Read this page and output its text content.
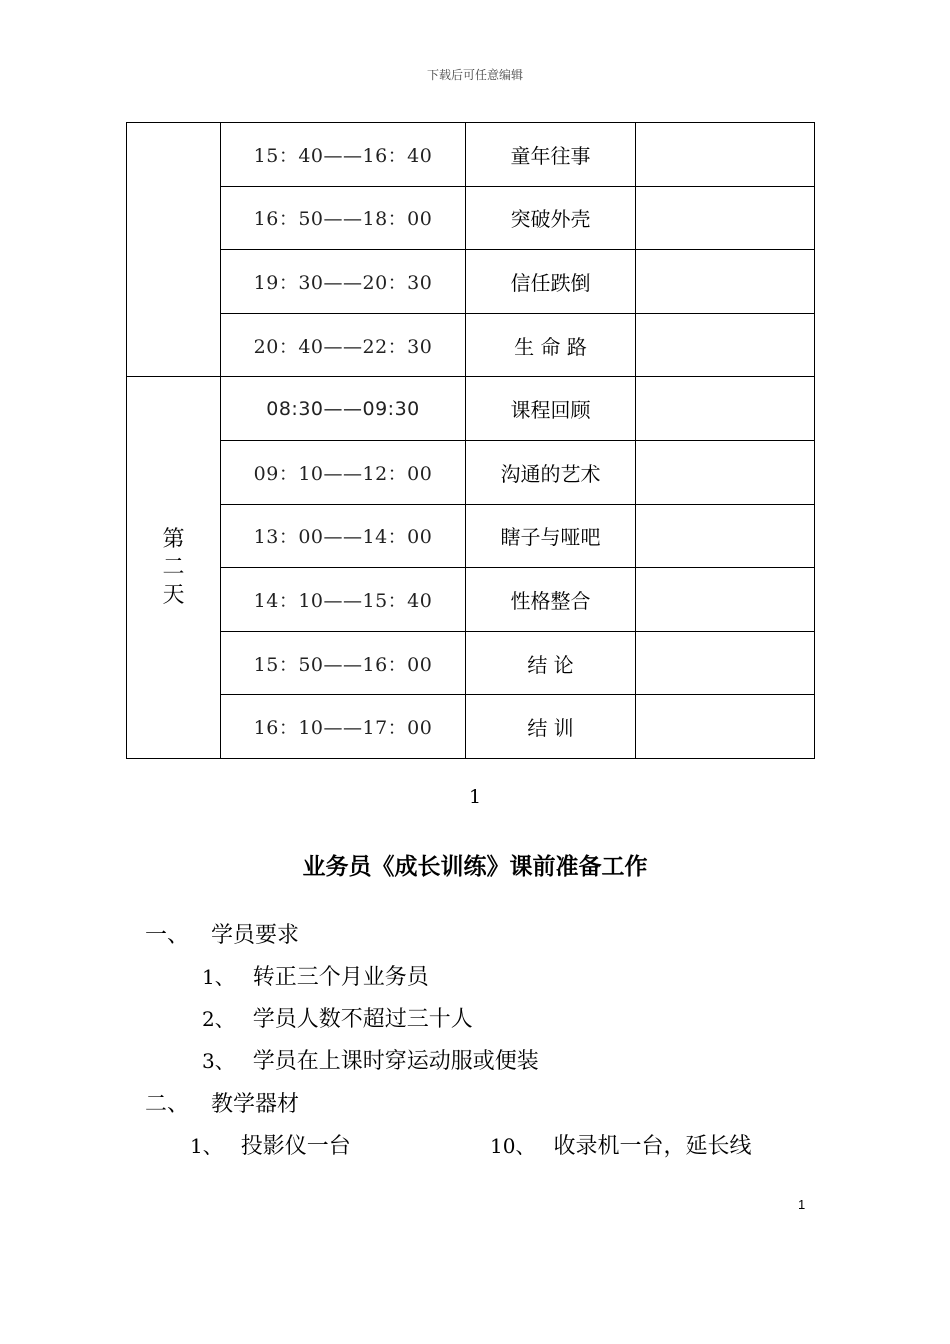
下载后可任意编辑
	15：40——16：40	童年往事	
	16：50——18：00	突破外壳	
	19：30——20：30	信任跌倒	
	20：40——22：30	生 命 路	
第二天	08:30——09:30	课程回顾	
	09：10——12：00	沟通的艺术	
	13：00——14：00	瞎子与哑吧	
	14：10——15：40	性格整合	
	15：50——16：00	结 论	
	16：10——17：00	结 训	
1
业务员《成长训练》课前准备工作
一、 学员要求
1、 转正三个月业务员
2、 学员人数不超过三十人
3、 学员在上课时穿运动服或便装
二、 教学器材
1、 投影仪一台	10、 收录机一台，延长线
1
